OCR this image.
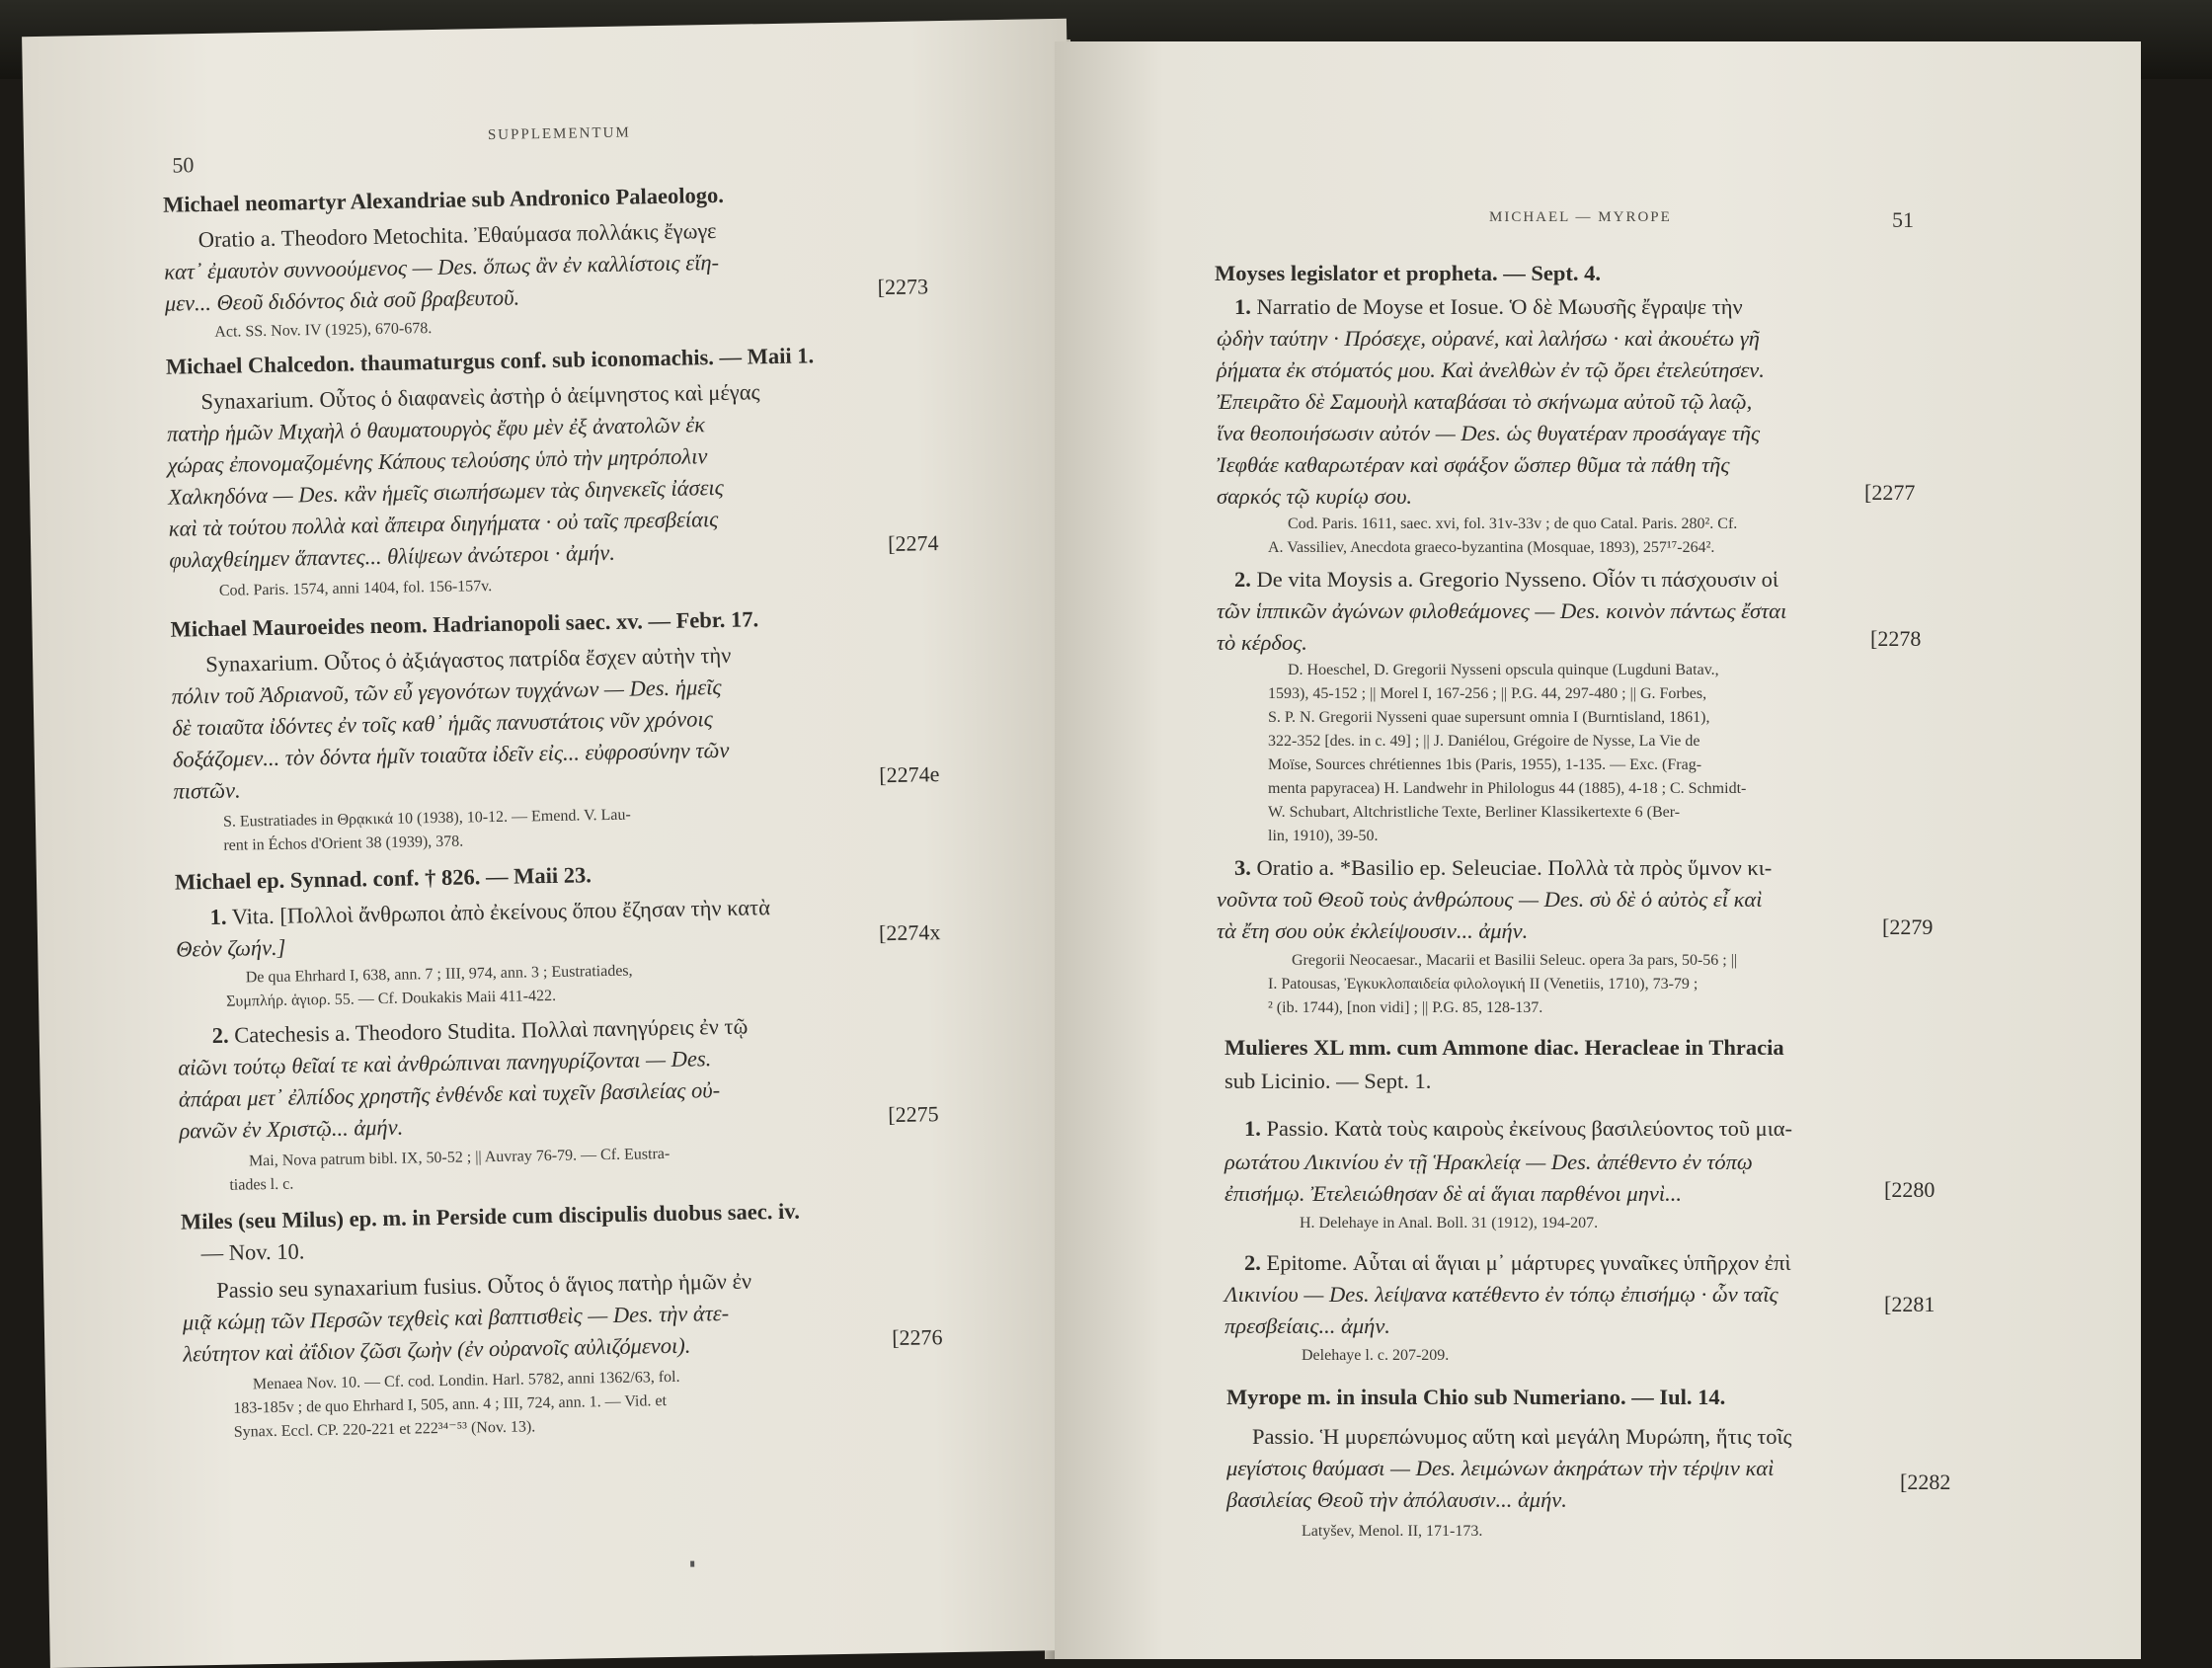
50
SUPPLEMENTUM
Michael neomartyr Alexandriae sub Andronico Palaeologo.
Oratio a. Theodoro Metochita. Ἐθαύμασα πολλάκις ἔγωγε
κατ᾽ ἐμαυτὸν συννοούμενος — Des. ὅπως ἂν ἐν καλλίστοις εἴη-
μεν... Θεοῦ διδόντος διὰ σοῦ βραβευτοῦ.	[2273
Act. SS. Nov. IV (1925), 670-678.
Michael Chalcedon. thaumaturgus conf. sub iconomachis. — Maii 1.
Synaxarium. Οὗτος ὁ διαφανεὶς ἀστὴρ ὁ ἀείμνηστος καὶ μέγας
πατὴρ ἡμῶν Μιχαὴλ ὁ θαυματουργὸς ἔφυ μὲν ἐξ ἀνατολῶν ἐκ
χώρας ἐπονομαζομένης Κάπους τελούσης ὑπὸ τὴν μητρόπολιν
Χαλκηδόνα — Des. κἂν ἡμεῖς σιωπήσωμεν τὰς διηνεκεῖς ἰάσεις
καὶ τὰ τούτου πολλὰ καὶ ἄπειρα διηγήματα · οὐ ταῖς πρεσβείαις
φυλαχθείημεν ἅπαντες... θλίψεων ἀνώτεροι · ἀμήν.	[2274
Cod. Paris. 1574, anni 1404, fol. 156-157v.
Michael Mauroeides neom. Hadrianopoli saec. xv. — Febr. 17.
Synaxarium. Οὗτος ὁ ἀξιάγαστος πατρίδα ἔσχεν αὐτὴν τὴν
πόλιν τοῦ Ἀδριανοῦ, τῶν εὖ γεγονότων τυγχάνων — Des. ἡμεῖς
δὲ τοιαῦτα ἰδόντες ἐν τοῖς καθ᾽ ἡμᾶς πανυστάτοις νῦν χρόνοις
δοξάζομεν... τὸν δόντα ἡμῖν τοιαῦτα ἰδεῖν εἰς... εὐφροσύνην τῶν
πιστῶν.
[2274e
S. Eustratiades in Θρᾳκικά 10 (1938), 10-12. — Emend. V. Lau-
rent in Échos d'Orient 38 (1939), 378.
Michael ep. Synnad. conf. † 826. — Maii 23.
1. Vita. [Πολλοὶ ἄνθρωποι ἀπὸ ἐκείνους ὅπου ἔζησαν τὴν κατὰ
Θεὸν ζωήν.]
[2274x
De qua Ehrhard I, 638, ann. 7 ; III, 974, ann. 3 ; Eustratiades,
Συμπλήρ. ἁγιορ. 55. — Cf. Doukakis Maii 411-422.
2. Catechesis a. Theodoro Studita. Πολλαὶ πανηγύρεις ἐν τῷ
αἰῶνι τούτῳ θεῖαί τε καὶ ἀνθρώπιναι πανηγυρίζονται — Des.
ἀπάραι μετ᾽ ἐλπίδος χρηστῆς ἐνθένδε καὶ τυχεῖν βασιλείας οὐ-
ρανῶν ἐν Χριστῷ... ἀμήν.
[2275
Mai, Nova patrum bibl. IX, 50-52 ; || Auvray 76-79. — Cf. Eustra-
tiades l. c.
Miles (seu Milus) ep. m. in Perside cum discipulis duobus saec. iv.
— Nov. 10.
Passio seu synaxarium fusius. Οὗτος ὁ ἅγιος πατὴρ ἡμῶν ἐν
μιᾷ κώμῃ τῶν Περσῶν τεχθεὶς καὶ βαπτισθεὶς — Des. τὴν ἀτε-
λεύτητον καὶ ἀΐδιον ζῶσι ζωὴν (ἐν οὐρανοῖς αὐλιζόμενοι).	[2276
Menaea Nov. 10. — Cf. cod. Londin. Harl. 5782, anni 1362/63, fol.
183-185v ; de quo Ehrhard I, 505, ann. 4 ; III, 724, ann. 1. — Vid. et
Synax. Eccl. CP. 220-221 et 222³⁴⁻⁵³ (Nov. 13).
MICHAEL — MYROPE	51
Moyses legislator et propheta. — Sept. 4.
1. Narratio de Moyse et Iosue. Ὁ δὲ Μωυσῆς ἔγραψε τὴν
ᾠδὴν ταύτην · Πρόσεχε, οὐρανέ, καὶ λαλήσω · καὶ ἀκουέτω γῆ
ῥήματα ἐκ στόματός μου. Καὶ ἀνελθὼν ἐν τῷ ὄρει ἐτελεύτησεν.
Ἐπειρᾶτο δὲ Σαμουὴλ καταβάσαι τὸ σκήνωμα αὐτοῦ τῷ λαῷ,
ἵνα θεοποιήσωσιν αὐτόν — Des. ὡς θυγατέραν προσάγαγε τῆς
Ἰεφθάε καθαρωτέραν καὶ σφάξον ὥσπερ θῦμα τὰ πάθη τῆς
σαρκός τῷ κυρίῳ σου.	[2277
Cod. Paris. 1611, saec. xvi, fol. 31v-33v ; de quo Catal. Paris. 280². Cf.
A. Vassiliev, Anecdota graeco-byzantina (Mosquae, 1893), 257¹⁷-264².
2. De vita Moysis a. Gregorio Nysseno. Οἷόν τι πάσχουσιν οἱ
τῶν ἱππικῶν ἀγώνων φιλοθεάμονες — Des. κοινὸν πάντως ἔσται
τὸ κέρδος.	[2278
D. Hoeschel, D. Gregorii Nysseni opscula quinque (Lugduni Batav.,
1593), 45-152 ; || Morel I, 167-256 ; || P.G. 44, 297-480 ; || G. Forbes,
S. P. N. Gregorii Nysseni quae supersunt omnia I (Burntisland, 1861),
322-352 [des. in c. 49] ; || J. Daniélou, Grégoire de Nysse, La Vie de
Moïse, Sources chrétiennes 1bis (Paris, 1955), 1-135. — Exc. (Frag-
menta papyracea) H. Landwehr in Philologus 44 (1885), 4-18 ; C. Schmidt-
W. Schubart, Altchristliche Texte, Berliner Klassikertexte 6 (Ber-
lin, 1910), 39-50.
3. Oratio a. *Basilio ep. Seleuciae. Πολλὰ τὰ πρὸς ὕμνον κι-
νοῦντα τοῦ Θεοῦ τοὺς ἀνθρώπους — Des. σὺ δὲ ὁ αὐτὸς εἶ καὶ
τὰ ἔτη σου οὐκ ἐκλείψουσιν... ἀμήν.	[2279
Gregorii Neocaesar., Macarii et Basilii Seleuc. opera 3a pars, 50-56 ; ||
I. Patousas, Ἐγκυκλοπαιδεία φιλολογική II (Venetiis, 1710), 73-79 ;
² (ib. 1744), [non vidi] ; || P.G. 85, 128-137.
Mulieres XL mm. cum Ammone diac. Heracleae in Thracia
sub Licinio. — Sept. 1.
1. Passio. Κατὰ τοὺς καιροὺς ἐκείνους βασιλεύοντος τοῦ μια-
ρωτάτου Λικινίου ἐν τῇ Ἡρακλείᾳ — Des. ἀπέθεντο ἐν τόπῳ
ἐπισήμῳ. Ἐτελειώθησαν δὲ αἱ ἅγιαι παρθένοι μηνὶ...	[2280
H. Delehaye in Anal. Boll. 31 (1912), 194-207.
2. Epitome. Αὗται αἱ ἅγιαι μ᾽ μάρτυρες γυναῖκες ὑπῆρχον ἐπὶ
Λικινίου — Des. λείψανα κατέθεντο ἐν τόπῳ ἐπισήμῳ · ὧν ταῖς
πρεσβείαις... ἀμήν.
[2281
Delehaye l. c. 207-209.
Myrope m. in insula Chio sub Numeriano. — Iul. 14.
Passio. Ἡ μυρεπώνυμος αὕτη καὶ μεγάλη Μυρώπη, ἥτις τοῖς
μεγίστοις θαύμασι — Des. λειμώνων ἀκηράτων τὴν τέρψιν καὶ
βασιλείας Θεοῦ τὴν ἀπόλαυσιν... ἀμήν.
[2282
Latyšev, Menol. II, 171-173.
